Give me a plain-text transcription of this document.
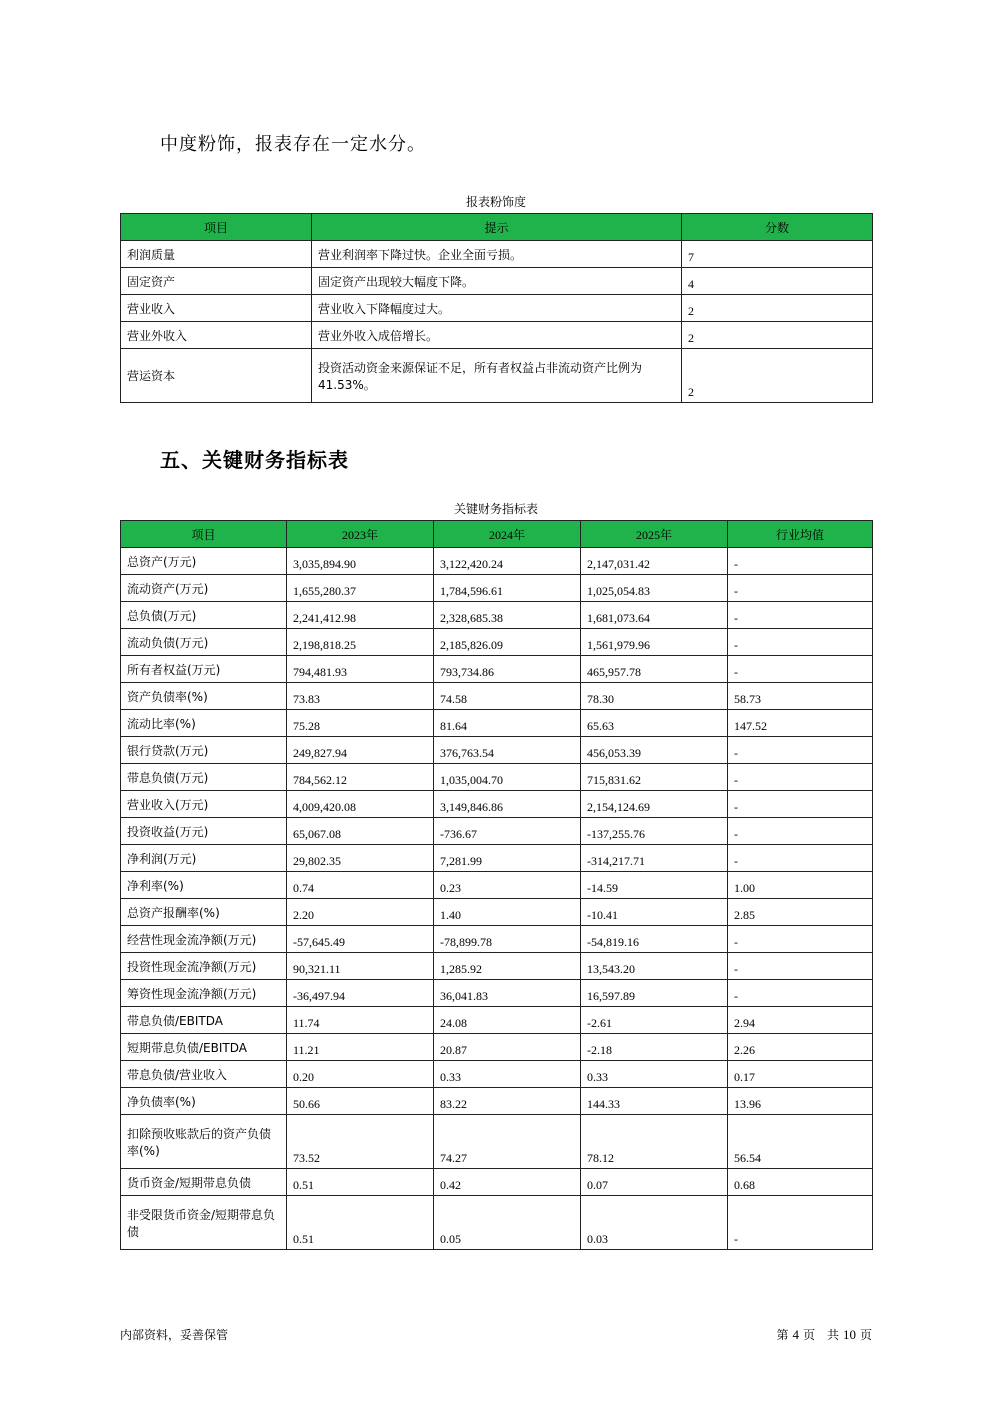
中度粉饰，报表存在一定水分。
报表粉饰度
项目	提示	分数
利润质量	营业利润率下降过快。企业全面亏损。	7
固定资产	固定资产出现较大幅度下降。	4
营业收入	营业收入下降幅度过大。	2
营业外收入	营业外收入成倍增长。	2
营运资本	投资活动资金来源保证不足，所有者权益占非流动资产比例为41.53%。	2
五、关键财务指标表
关键财务指标表
项目	2023年	2024年	2025年	行业均值
总资产(万元)	3,035,894.90	3,122,420.24	2,147,031.42	-
流动资产(万元)	1,655,280.37	1,784,596.61	1,025,054.83	-
总负债(万元)	2,241,412.98	2,328,685.38	1,681,073.64	-
流动负债(万元)	2,198,818.25	2,185,826.09	1,561,979.96	-
所有者权益(万元)	794,481.93	793,734.86	465,957.78	-
资产负债率(%)	73.83	74.58	78.30	58.73
流动比率(%)	75.28	81.64	65.63	147.52
银行贷款(万元)	249,827.94	376,763.54	456,053.39	-
带息负债(万元)	784,562.12	1,035,004.70	715,831.62	-
营业收入(万元)	4,009,420.08	3,149,846.86	2,154,124.69	-
投资收益(万元)	65,067.08	-736.67	-137,255.76	-
净利润(万元)	29,802.35	7,281.99	-314,217.71	-
净利率(%)	0.74	0.23	-14.59	1.00
总资产报酬率(%)	2.20	1.40	-10.41	2.85
经营性现金流净额(万元)	-57,645.49	-78,899.78	-54,819.16	-
投资性现金流净额(万元)	90,321.11	1,285.92	13,543.20	-
筹资性现金流净额(万元)	-36,497.94	36,041.83	16,597.89	-
带息负债/EBITDA	11.74	24.08	-2.61	2.94
短期带息负债/EBITDA	11.21	20.87	-2.18	2.26
带息负债/营业收入	0.20	0.33	0.33	0.17
净负债率(%)	50.66	83.22	144.33	13.96
扣除预收账款后的资产负债率(%)	73.52	74.27	78.12	56.54
货币资金/短期带息负债	0.51	0.42	0.07	0.68
非受限货币资金/短期带息负债	0.51	0.05	0.03	-
内部资料，妥善保管	第 4 页　共 10 页
